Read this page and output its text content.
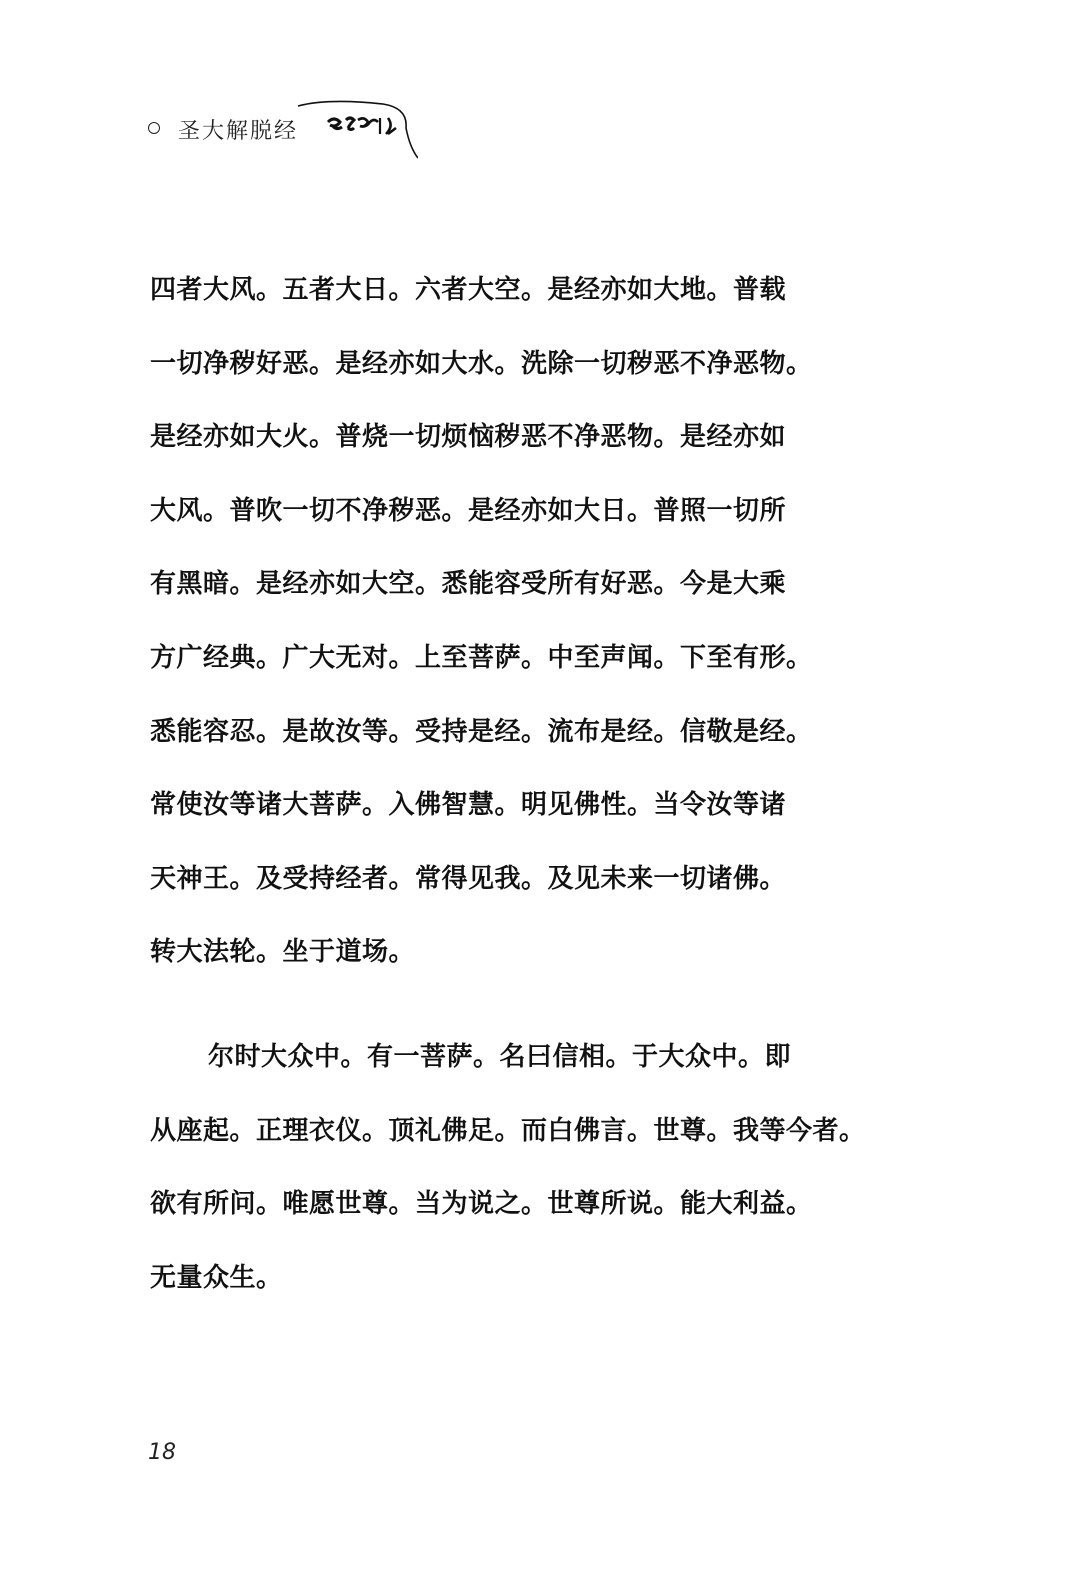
圣大解脱经
四者大风。五者大日。六者大空。是经亦如大地。普载
一切净秽好恶。是经亦如大水。洗除一切秽恶不净恶物。
是经亦如大火。普烧一切烦恼秽恶不净恶物。是经亦如
大风。普吹一切不净秽恶。是经亦如大日。普照一切所
有黑暗。是经亦如大空。悉能容受所有好恶。今是大乘
方广经典。广大无对。上至菩萨。中至声闻。下至有形。
悉能容忍。是故汝等。受持是经。流布是经。信敬是经。
常使汝等诸大菩萨。入佛智慧。明见佛性。当令汝等诸
天神王。及受持经者。常得见我。及见未来一切诸佛。
转大法轮。坐于道场。
尔时大众中。有一菩萨。名曰信相。于大众中。即
从座起。正理衣仪。顶礼佛足。而白佛言。世尊。我等今者。
欲有所问。唯愿世尊。当为说之。世尊所说。能大利益。
无量众生。
18
